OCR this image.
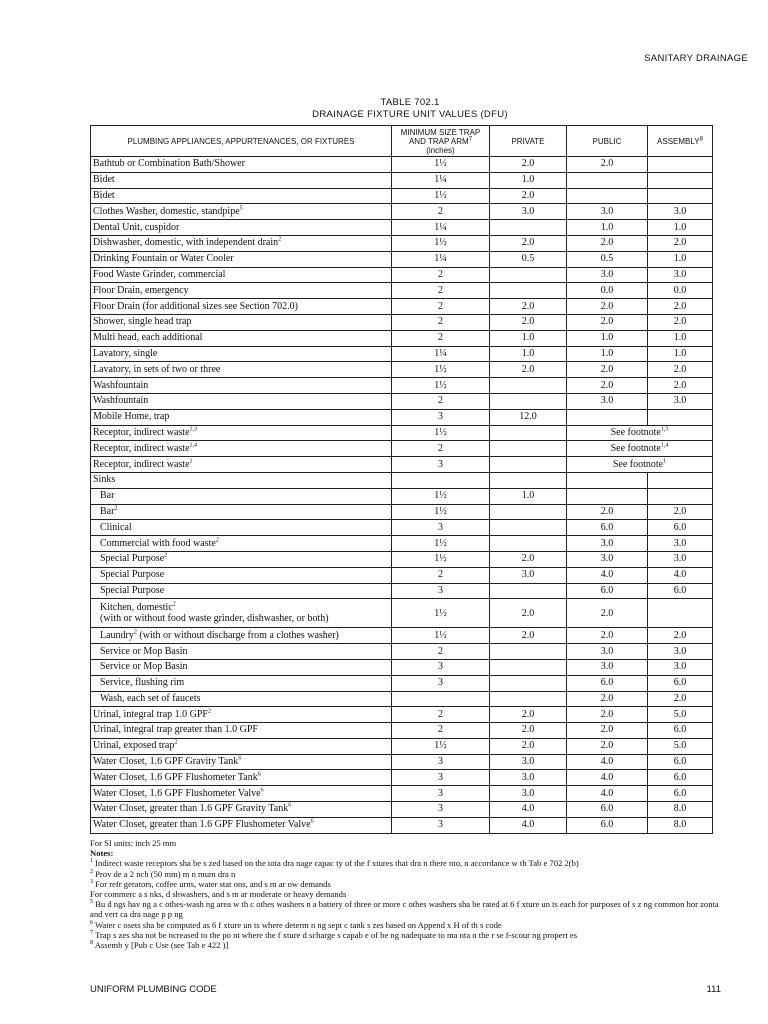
SANITARY DRAINAGE
TABLE 702.1
DRAINAGE FIXTURE UNIT VALUES (DFU)
PLUMBING APPLIANCES, APPURTENANCES, OR FIXTURES	MINIMUM SIZE TRAP
AND TRAP ARM$^7$
(inches)	PRIVATE	PUBLIC	ASSEMBLY$^8$
Bathtub or Combination Bath/Shower	1½	2.0	2.0	
Bidet	1¼	1.0		
Bidet	1½	2.0		
Clothes Washer, domestic, standpipe$^5$	2	3.0	3.0	3.0
Dental Unit, cuspidor	1¼		1.0	1.0
Dishwasher, domestic, with independent drain$^2$	1½	2.0	2.0	2.0
Drinking Fountain or Water Cooler	1¼	0.5	0.5	1.0
Food Waste Grinder, commercial	2		3.0	3.0
Floor Drain, emergency	2		0.0	0.0
Floor Drain (for additional sizes see Section 702.0)	2	2.0	2.0	2.0
Shower, single head trap	2	2.0	2.0	2.0
Multi head, each additional	2	1.0	1.0	1.0
Lavatory, single	1¼	1.0	1.0	1.0
Lavatory, in sets of two or three	1½	2.0	2.0	2.0
Washfountain	1½		2.0	2.0
Washfountain	2		3.0	3.0
Mobile Home, trap	3	12.0		
Receptor, indirect waste$^{1,3}$	1½		See footnote$^{1,3}$
Receptor, indirect waste$^{1,4}$	2		See footnote$^{1,4}$
Receptor, indirect waste$^1$	3		See footnote$^1$
Sinks				
Bar	1½	1.0		
Bar$^2$	1½		2.0	2.0
Clinical	3		6.0	6.0
Commercial with food waste$^2$	1½		3.0	3.0
Special Purpose$^2$	1½	2.0	3.0	3.0
Special Purpose	2	3.0	4.0	4.0
Special Purpose	3		6.0	6.0
Kitchen, domestic$^2$
(with or without food waste grinder, dishwasher, or both)	1½	2.0	2.0	
Laundry$^2$ (with or without discharge from a clothes washer)	1½	2.0	2.0	2.0
Service or Mop Basin	2		3.0	3.0
Service or Mop Basin	3		3.0	3.0
Service, flushing rim	3		6.0	6.0
Wash, each set of faucets			2.0	2.0
Urinal, integral trap 1.0 GPF$^2$	2	2.0	2.0	5.0
Urinal, integral trap greater than 1.0 GPF	2	2.0	2.0	6.0
Urinal, exposed trap$^2$	1½	2.0	2.0	5.0
Water Closet, 1.6 GPF Gravity Tank$^6$	3	3.0	4.0	6.0
Water Closet, 1.6 GPF Flushometer Tank$^6$	3	3.0	4.0	6.0
Water Closet, 1.6 GPF Flushometer Valve$^6$	3	3.0	4.0	6.0
Water Closet, greater than 1.6 GPF Gravity Tank$^6$	3	4.0	6.0	8.0
Water Closet, greater than 1.6 GPF Flushometer Valve$^6$	3	4.0	6.0	8.0
For SI units: inch 25 mm
Notes:
$^1$ Indirect waste receptors sha be s zed based on the tota dra nage capac ty of the f xtures that dra n there nto, n accordance w th Tab e 702 2(b)
$^2$ Prov de a 2 nch (50 mm) m n mum dra n
$^3$ For refr gerators, coffee urns, water stat ons, and s m ar ow demands
For commerc a s nks, d shwashers, and s m ar moderate or heavy demands
$^5$ Bu d ngs hav ng a c othes-wash ng area w th c othes washers n a battery of three or more c othes washers sha be rated at 6 f xture un ts each for purposes of s z ng common hor zonta and vert ca dra nage p p ng
$^6$ Water c osets sha be computed as 6 f xture un ts where determ n ng sept c tank s zes based on Append x H of th s code
$^7$ Trap s zes sha not be ncreased to the po nt where the f xture d scharge s capab e of be ng nadequate to ma nta n the r se f-scour ng propert es
$^8$ Assemb y [Pub c Use (see Tab e 422 )]
UNIFORM PLUMBING CODE	111
